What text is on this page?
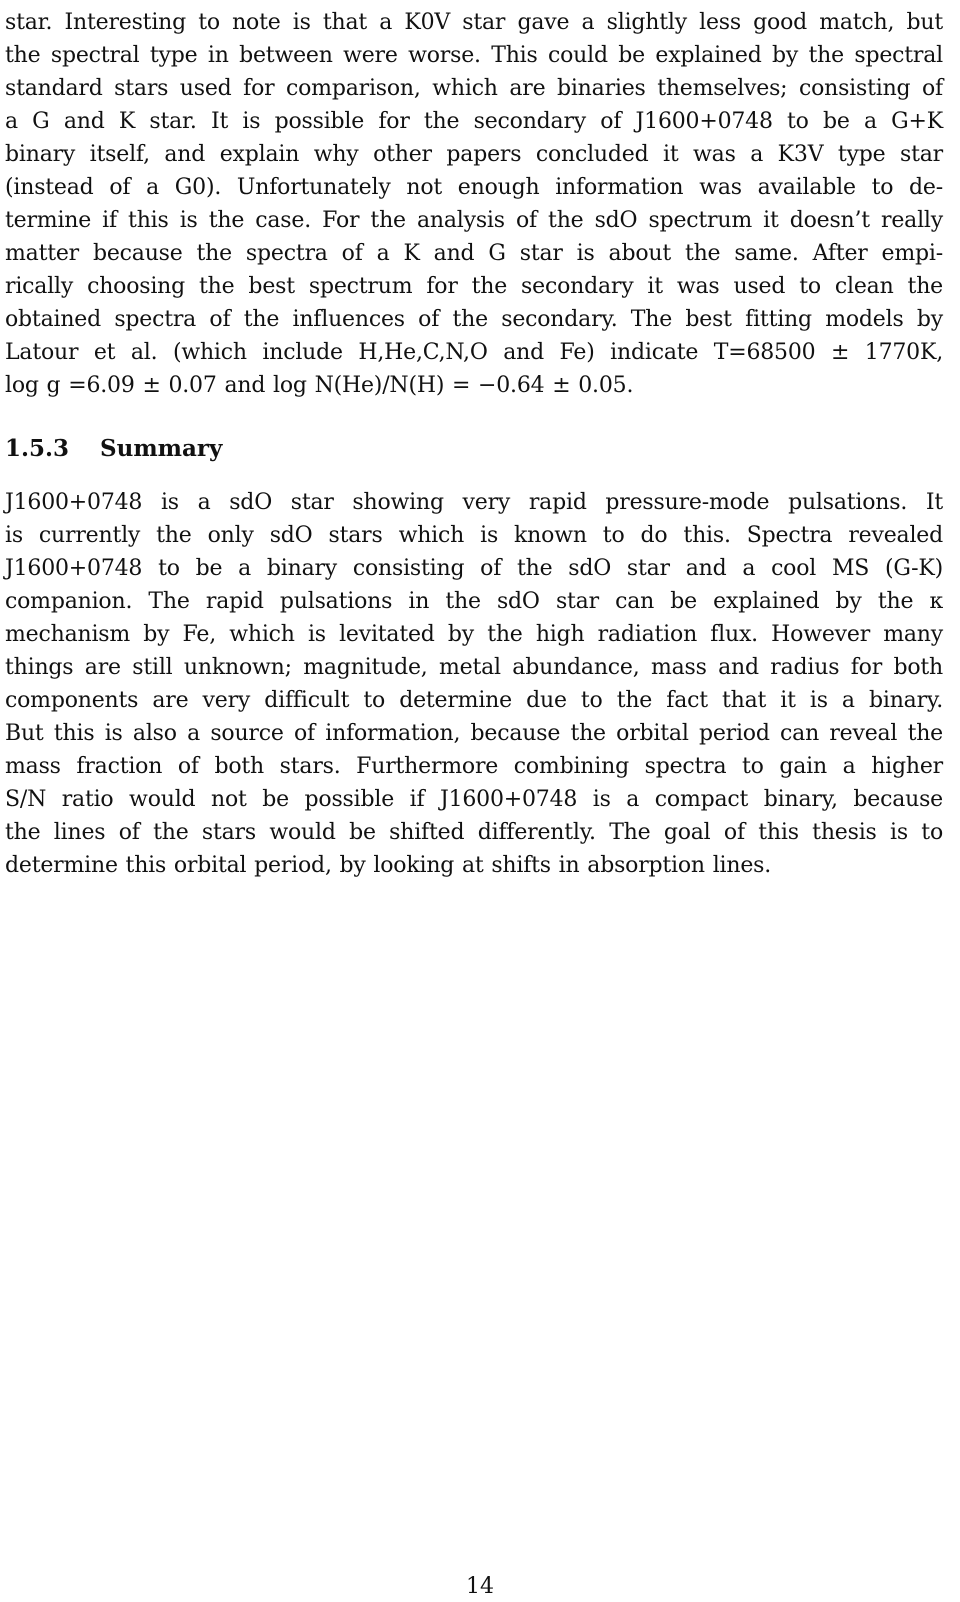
star. Interesting to note is that a K0V star gave a slightly less good match, but
the spectral type in between were worse. This could be explained by the spectral
standard stars used for comparison, which are binaries themselves; consisting of
a G and K star. It is possible for the secondary of J1600+0748 to be a G+K
binary itself, and explain why other papers concluded it was a K3V type star
(instead of a G0). Unfortunately not enough information was available to de-
termine if this is the case. For the analysis of the sdO spectrum it doesn’t really
matter because the spectra of a K and G star is about the same. After empi-
rically choosing the best spectrum for the secondary it was used to clean the
obtained spectra of the influences of the secondary. The best fitting models by
Latour et al. (which include H,He,C,N,O and Fe) indicate T=68500 ± 1770K,
log g =6.09 ± 0.07 and log N(He)/N(H) = −0.64 ± 0.05.
1.5.3 Summary
J1600+0748 is a sdO star showing very rapid pressure-mode pulsations. It
is currently the only sdO stars which is known to do this. Spectra revealed
J1600+0748 to be a binary consisting of the sdO star and a cool MS (G-K)
companion. The rapid pulsations in the sdO star can be explained by the κ
mechanism by Fe, which is levitated by the high radiation flux. However many
things are still unknown; magnitude, metal abundance, mass and radius for both
components are very difficult to determine due to the fact that it is a binary.
But this is also a source of information, because the orbital period can reveal the
mass fraction of both stars. Furthermore combining spectra to gain a higher
S/N ratio would not be possible if J1600+0748 is a compact binary, because
the lines of the stars would be shifted differently. The goal of this thesis is to
determine this orbital period, by looking at shifts in absorption lines.
14
